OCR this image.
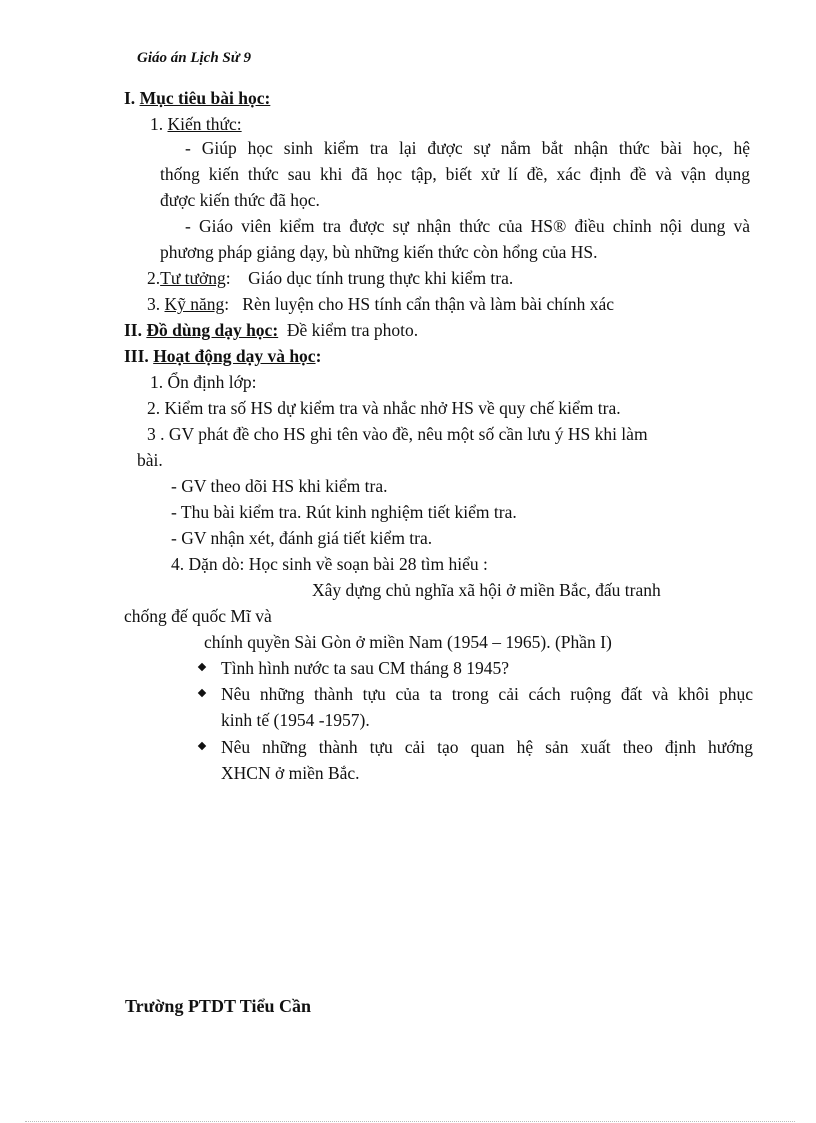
Giáo án Lịch Sử 9
I. Mục tiêu bài học:
1. Kiến thức:
- Giúp học sinh kiểm tra lại được sự nắm bắt nhận thức bài học, hệ
thống kiến thức sau khi đã học tập, biết xử lí đề, xác định đề và vận dụng
được kiến thức đã học.
- Giáo viên kiểm tra được sự nhận thức của HS® điều chỉnh nội dung và
phương pháp giảng dạy, bù những kiến thức còn hổng của HS.
2.Tư tưởng:    Giáo dục tính trung thực khi kiểm tra.
3. Kỹ năng:   Rèn luyện cho HS tính cẩn thận và làm bài chính xác
II. Đồ dùng dạy học:  Đề kiểm tra photo.
III. Hoạt động dạy và học:
1. Ổn định lớp:
2. Kiểm tra số HS dự kiểm tra và nhắc nhở HS về quy chế kiểm tra.
3 . GV phát đề cho HS ghi tên vào đề, nêu một số cần lưu ý HS khi làm
bài.
- GV theo dõi HS khi kiểm tra.
- Thu bài kiểm tra. Rút kinh nghiệm tiết kiểm tra.
- GV nhận xét, đánh giá tiết kiểm tra.
4. Dặn dò: Học sinh về soạn bài 28 tìm hiểu :
Xây dựng chủ nghĩa xã hội ở miền Bắc, đấu tranh
chống đế quốc Mĩ và
chính quyền Sài Gòn ở miền Nam (1954 – 1965). (Phần I)
Tình hình nước ta sau CM tháng 8 1945?
Nêu những thành tựu của ta trong cải cách ruộng đất và khôi phục
kinh tế (1954 -1957).
Nêu những thành tựu cải tạo quan hệ sản xuất theo định hướng
XHCN ở miền Bắc.
Trường PTDT Tiểu Cần
